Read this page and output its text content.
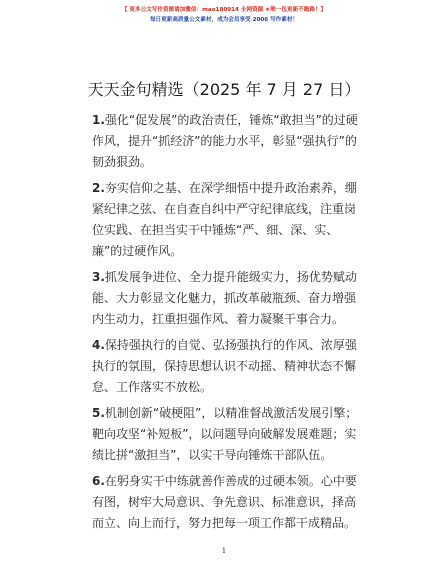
【 更多公文写作资源请加微信：mao180914 全网资源 ★唯一包更新不跑路！】
每日更新高质量公文素材，成为会员享受 2006 写作素材！
天天金句精选（2025 年 7 月 27 日）

1.强化“促发展”的政治责任，锤炼“敢担当”的过硬作风，提升“抓经济”的能力水平，彰显“强执行”的韧劲狠劲。

2.夯实信仰之基、在深学细悟中提升政治素养，绷紧纪律之弦、在自查自纠中严守纪律底线，注重岗位实践、在担当实干中锤炼“严、细、深、实、廉”的过硬作风。

3.抓发展争进位、全力提升能级实力，扬优势赋动能、大力彰显文化魅力，抓改革破瓶颈、奋力增强内生动力，扛重担强作风、着力凝聚干事合力。

4.保持强执行的自觉、弘扬强执行的作风、浓厚强执行的氛围，保持思想认识不动摇、精神状态不懈怠、工作落实不放松。

5.机制创新“破梗阻”，以精准督战激活发展引擎；靶向攻坚“补短板”，以问题导向破解发展难题；实绩比拼“激担当”，以实干导向锤炼干部队伍。

6.在躬身实干中练就善作善成的过硬本领。心中要有图，树牢大局意识、争先意识、标准意识，择高而立、向上而行，努力把每一项工作都干成精品。

1
